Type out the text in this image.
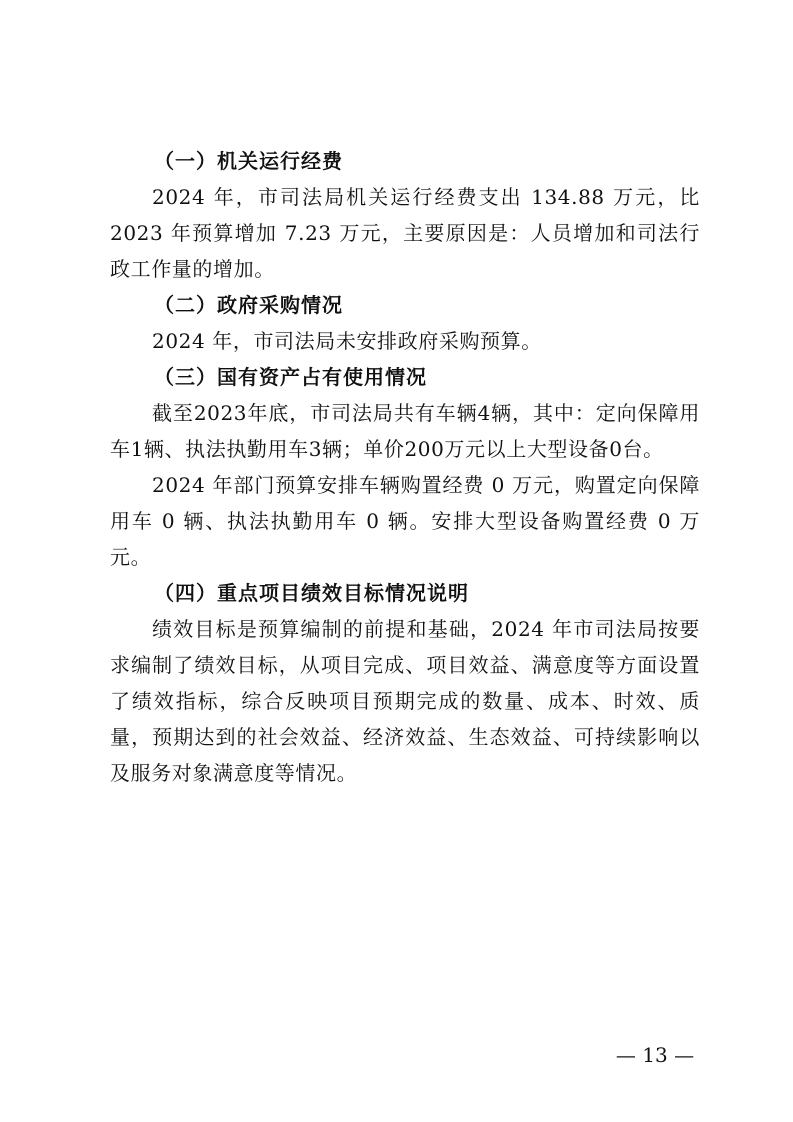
（一）机关运行经费

2024 年，市司法局机关运行经费支出 134.88 万元，比 2023 年预算增加 7.23 万元，主要原因是：人员增加和司法行政工作量的增加。

（二）政府采购情况

2024 年，市司法局未安排政府采购预算。

（三）国有资产占有使用情况

截至2023年底，市司法局共有车辆4辆，其中：定向保障用车1辆、执法执勤用车3辆；单价200万元以上大型设备0台。

2024 年部门预算安排车辆购置经费 0 万元，购置定向保障用车 0 辆、执法执勤用车 0 辆。安排大型设备购置经费 0 万元。

（四）重点项目绩效目标情况说明

绩效目标是预算编制的前提和基础，2024 年市司法局按要求编制了绩效目标，从项目完成、项目效益、满意度等方面设置了绩效指标，综合反映项目预期完成的数量、成本、时效、质量，预期达到的社会效益、经济效益、生态效益、可持续影响以及服务对象满意度等情况。

— 13 —
